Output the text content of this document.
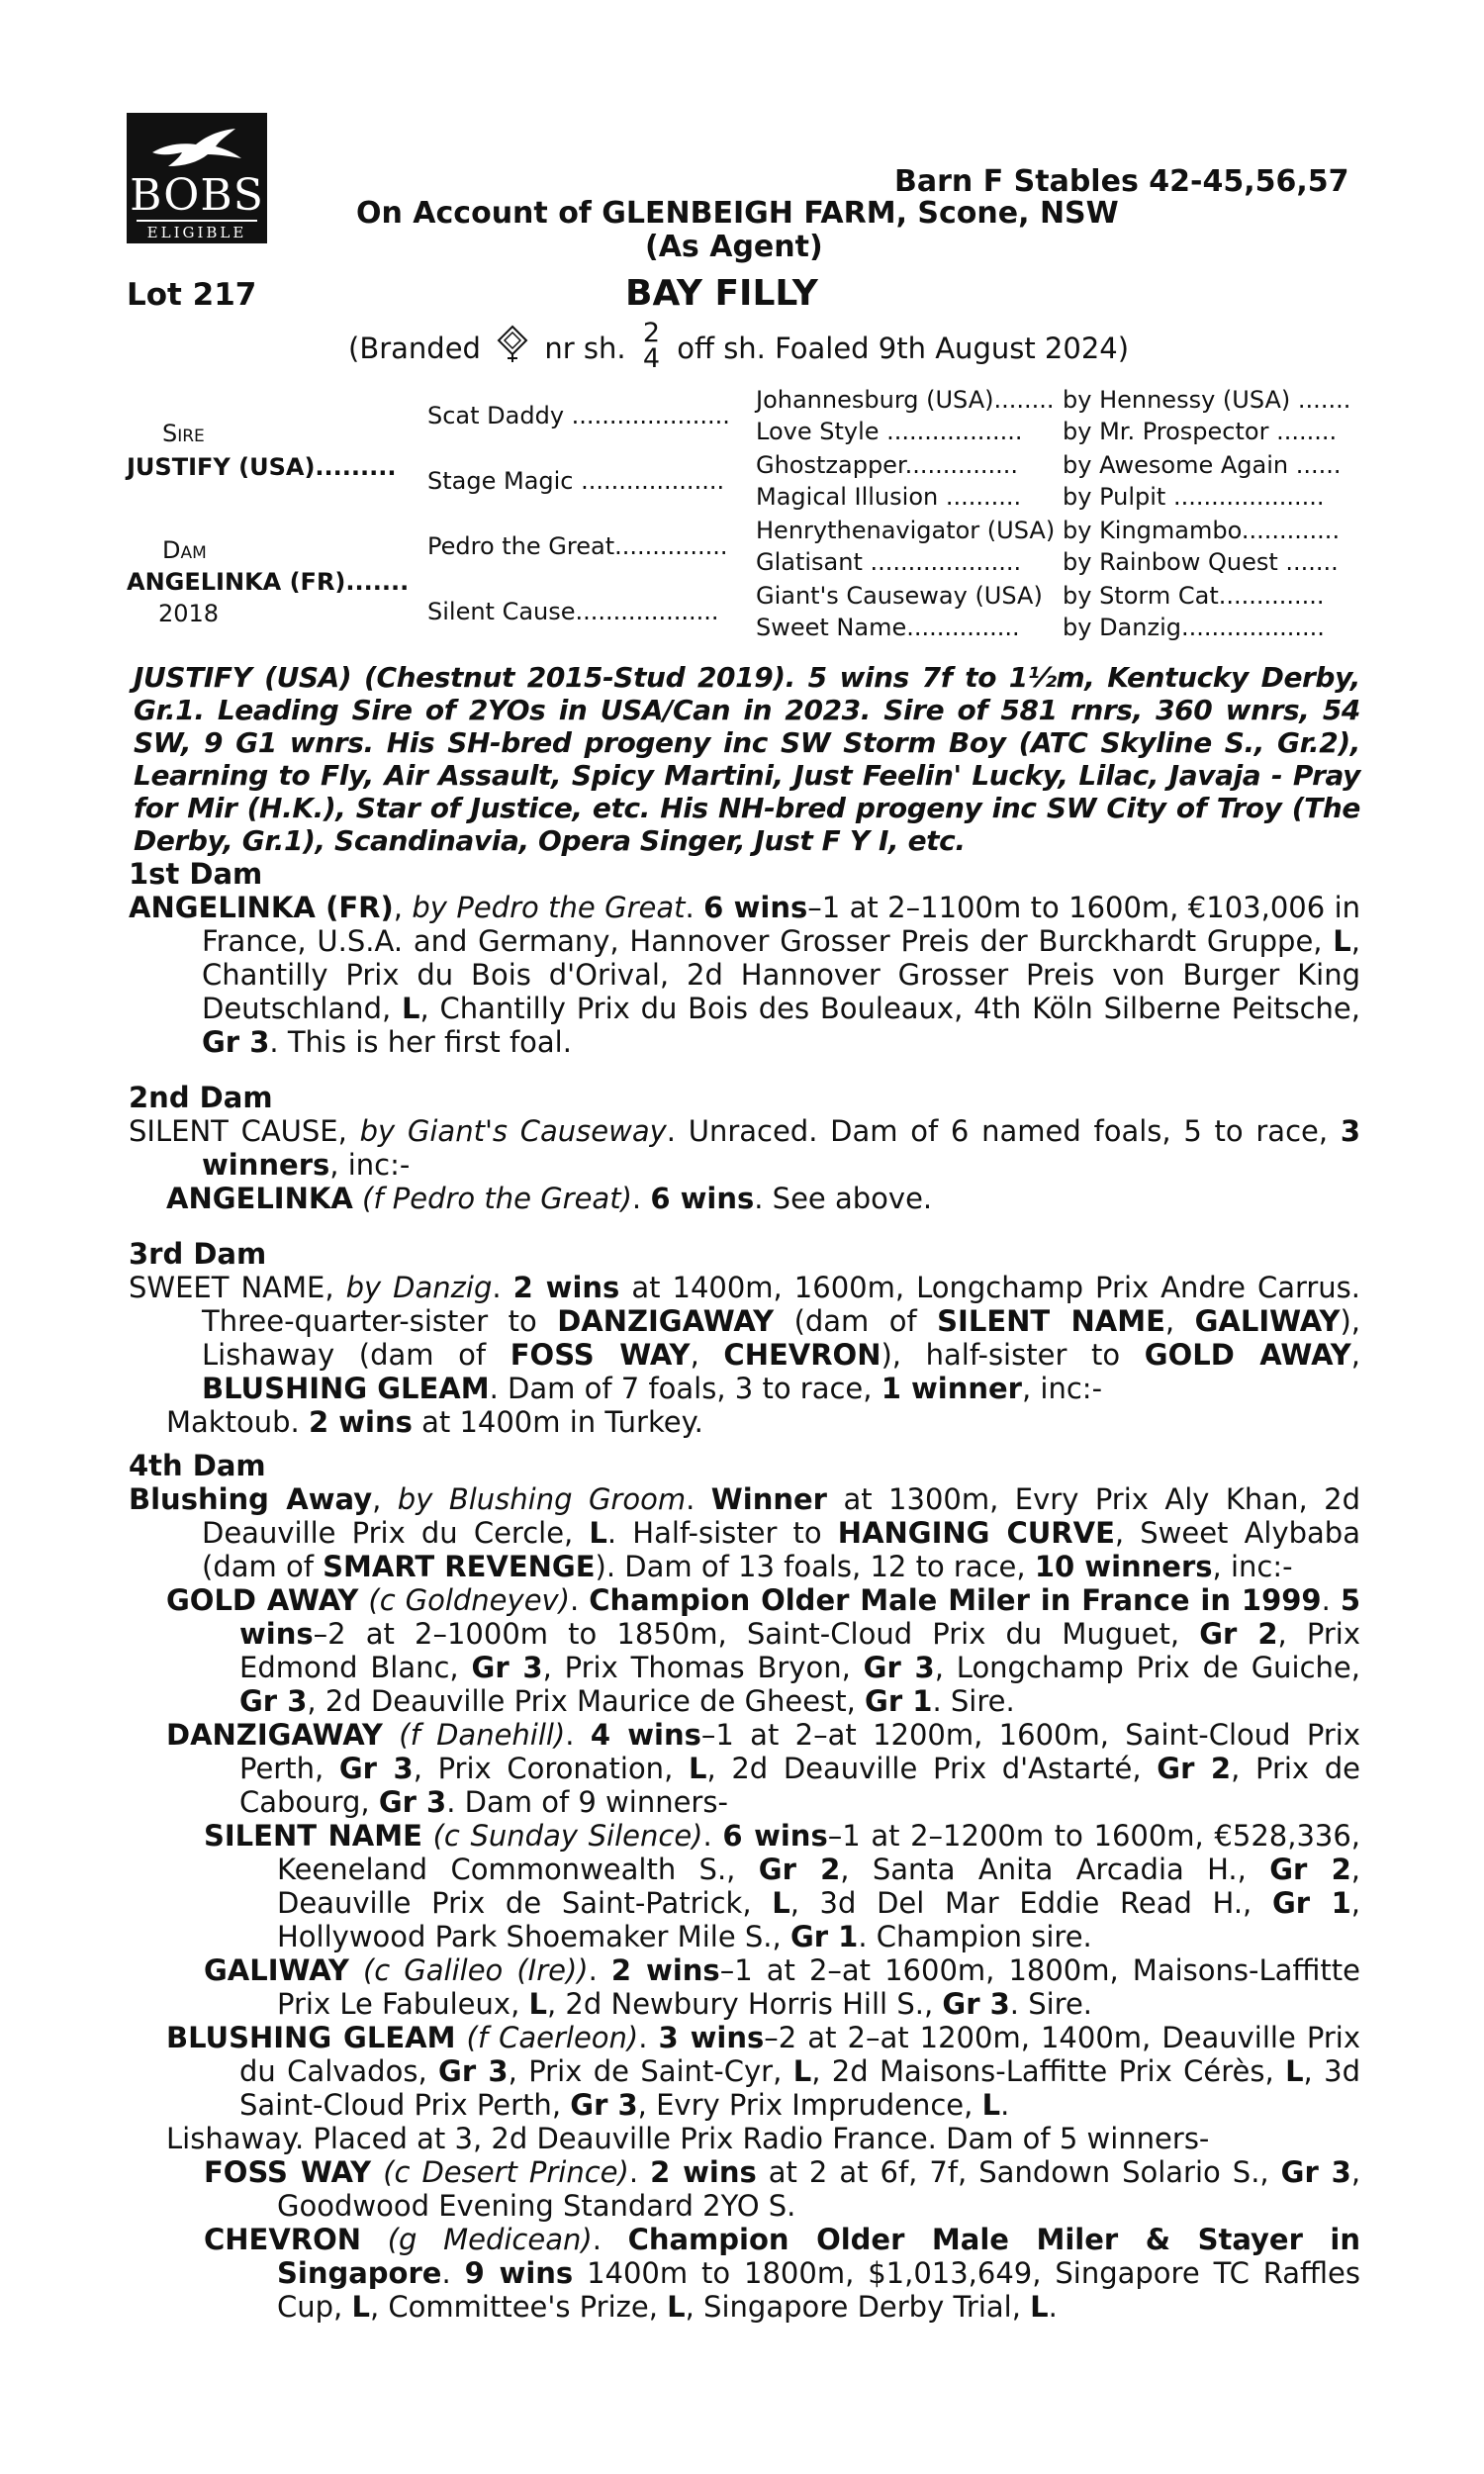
BOBS
ELIGIBLE
Barn F Stables 42-45,56,57
On Account of GLENBEIGH FARM, Scone, NSW
(As Agent)
Lot 217	BAY FILLY
(Branded nr sh. 2
4 off sh. Foaled 9th August 2024)
Sire
JUSTIFY (USA).........
Dam
ANGELINKA (FR).......
2018
Scat Daddy .....................
Stage Magic ...................
Pedro the Great...............
Silent Cause...................
Johannesburg (USA)........
Love Style ..................
Ghostzapper...............
Magical Illusion ..........
Henrythenavigator (USA)
Glatisant ....................
Giant's Causeway (USA)
Sweet Name...............
by Hennessy (USA) .......
by Mr. Prospector ........
by Awesome Again ......
by Pulpit ....................
by Kingmambo.............
by Rainbow Quest .......
by Storm Cat..............
by Danzig...................
JUSTIFY (USA) (Chestnut 2015-Stud 2019). 5 wins 7f to 1½m, Kentucky Derby, Gr.1. Leading Sire of 2YOs in USA/Can in 2023. Sire of 581 rnrs, 360 wnrs, 54 SW, 9 G1 wnrs. His SH-bred progeny inc SW Storm Boy (ATC Skyline S., Gr.2), Learning to Fly, Air Assault, Spicy Martini, Just Feelin' Lucky, Lilac, Javaja - Pray for Mir (H.K.), Star of Justice, etc. His NH-bred progeny inc SW City of Troy (The Derby, Gr.1), Scandinavia, Opera Singer, Just F Y I, etc.
1st Dam
ANGELINKA (FR), by Pedro the Great. 6 wins–1 at 2–1100m to 1600m, €103,006 in France, U.S.A. and Germany, Hannover Grosser Preis der Burckhardt Gruppe, L, Chantilly Prix du Bois d'Orival, 2d Hannover Grosser Preis von Burger King Deutschland, L, Chantilly Prix du Bois des Bouleaux, 4th Köln Silberne Peitsche, Gr 3. This is her first foal.
2nd Dam
SILENT CAUSE, by Giant's Causeway. Unraced. Dam of 6 named foals, 5 to race, 3 winners, inc:-
ANGELINKA (f Pedro the Great). 6 wins. See above.
3rd Dam
SWEET NAME, by Danzig. 2 wins at 1400m, 1600m, Longchamp Prix Andre Carrus. Three-quarter-sister to DANZIGAWAY (dam of SILENT NAME, GALIWAY), Lishaway (dam of FOSS WAY, CHEVRON), half-sister to GOLD AWAY, BLUSHING GLEAM. Dam of 7 foals, 3 to race, 1 winner, inc:-
Maktoub. 2 wins at 1400m in Turkey.
4th Dam
Blushing Away, by Blushing Groom. Winner at 1300m, Evry Prix Aly Khan, 2d Deauville Prix du Cercle, L. Half-sister to HANGING CURVE, Sweet Alybaba (dam of SMART REVENGE). Dam of 13 foals, 12 to race, 10 winners, inc:-
GOLD AWAY (c Goldneyev). Champion Older Male Miler in France in 1999. 5 wins–2 at 2–1000m to 1850m, Saint-Cloud Prix du Muguet, Gr 2, Prix Edmond Blanc, Gr 3, Prix Thomas Bryon, Gr 3, Longchamp Prix de Guiche, Gr 3, 2d Deauville Prix Maurice de Gheest, Gr 1. Sire.
DANZIGAWAY (f Danehill). 4 wins–1 at 2–at 1200m, 1600m, Saint-Cloud Prix Perth, Gr 3, Prix Coronation, L, 2d Deauville Prix d'Astarté, Gr 2, Prix de Cabourg, Gr 3. Dam of 9 winners-
SILENT NAME (c Sunday Silence). 6 wins–1 at 2–1200m to 1600m, €528,336, Keeneland Commonwealth S., Gr 2, Santa Anita Arcadia H., Gr 2, Deauville Prix de Saint-Patrick, L, 3d Del Mar Eddie Read H., Gr 1, Hollywood Park Shoemaker Mile S., Gr 1. Champion sire.
GALIWAY (c Galileo (Ire)). 2 wins–1 at 2–at 1600m, 1800m, Maisons-Laffitte Prix Le Fabuleux, L, 2d Newbury Horris Hill S., Gr 3. Sire.
BLUSHING GLEAM (f Caerleon). 3 wins–2 at 2–at 1200m, 1400m, Deauville Prix du Calvados, Gr 3, Prix de Saint-Cyr, L, 2d Maisons-Laffitte Prix Cérès, L, 3d Saint-Cloud Prix Perth, Gr 3, Evry Prix Imprudence, L.
Lishaway. Placed at 3, 2d Deauville Prix Radio France. Dam of 5 winners-
FOSS WAY (c Desert Prince). 2 wins at 2 at 6f, 7f, Sandown Solario S., Gr 3, Goodwood Evening Standard 2YO S.
CHEVRON (g Medicean). Champion Older Male Miler & Stayer in Singapore. 9 wins 1400m to 1800m, $1,013,649, Singapore TC Raffles Cup, L, Committee's Prize, L, Singapore Derby Trial, L.
